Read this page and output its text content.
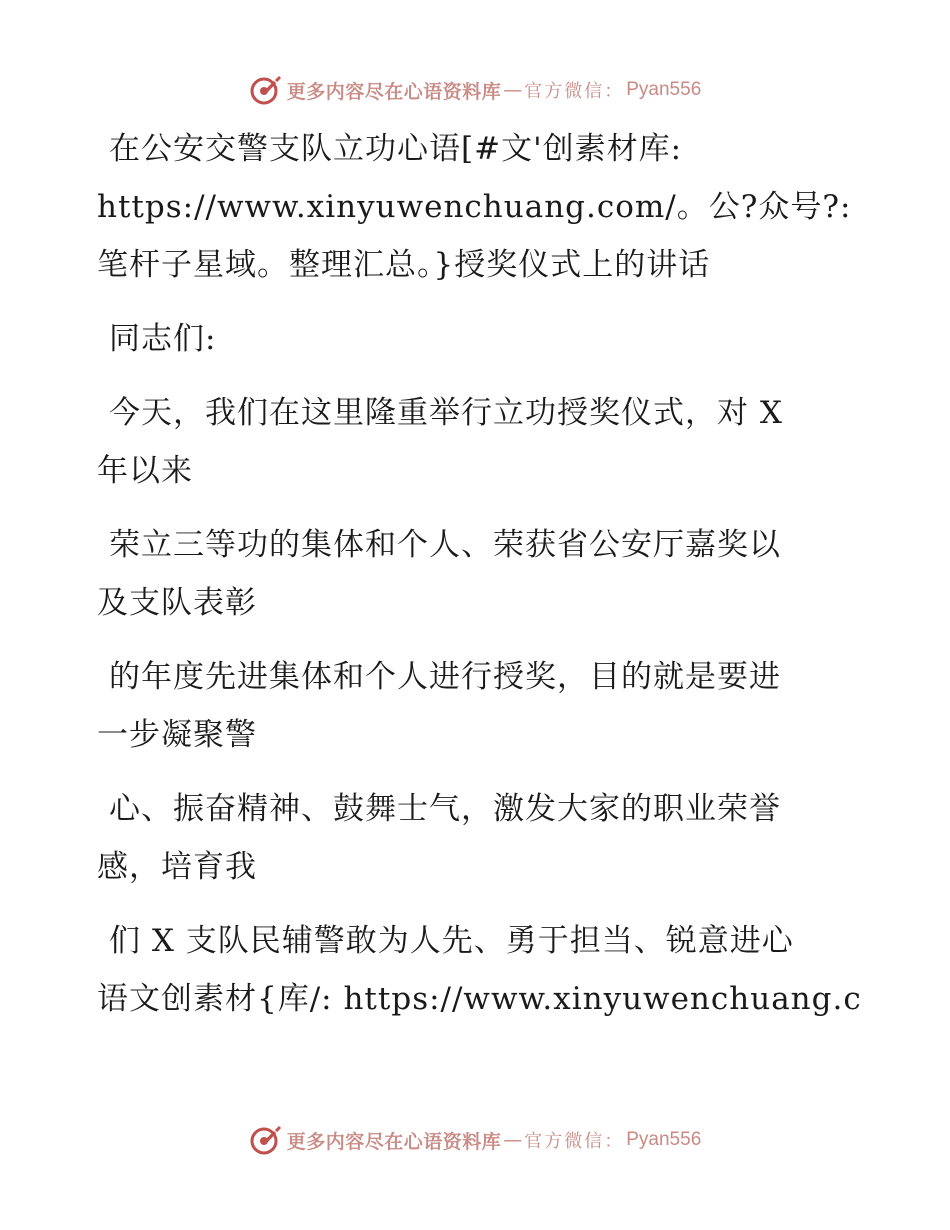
更多内容尽在心语资料库 — 官方微信： Pyan556
在公安交警支队立功心语[#文'创素材库:
https://www.xinyuwenchuang.com/。公?众号?:
笔杆子星域。整理汇总。}授奖仪式上的讲话
同志们:
今天，我们在这里隆重举行立功授奖仪式，对 X
年以来
荣立三等功的集体和个人、荣获省公安厅嘉奖以
及支队表彰
的年度先进集体和个人进行授奖，目的就是要进
一步凝聚警
心、振奋精神、鼓舞士气，激发大家的职业荣誉
感，培育我
们 X 支队民辅警敢为人先、勇于担当、锐意进心
语文创素材{库/: https://www.xinyuwenchuang.c
更多内容尽在心语资料库 — 官方微信： Pyan556
